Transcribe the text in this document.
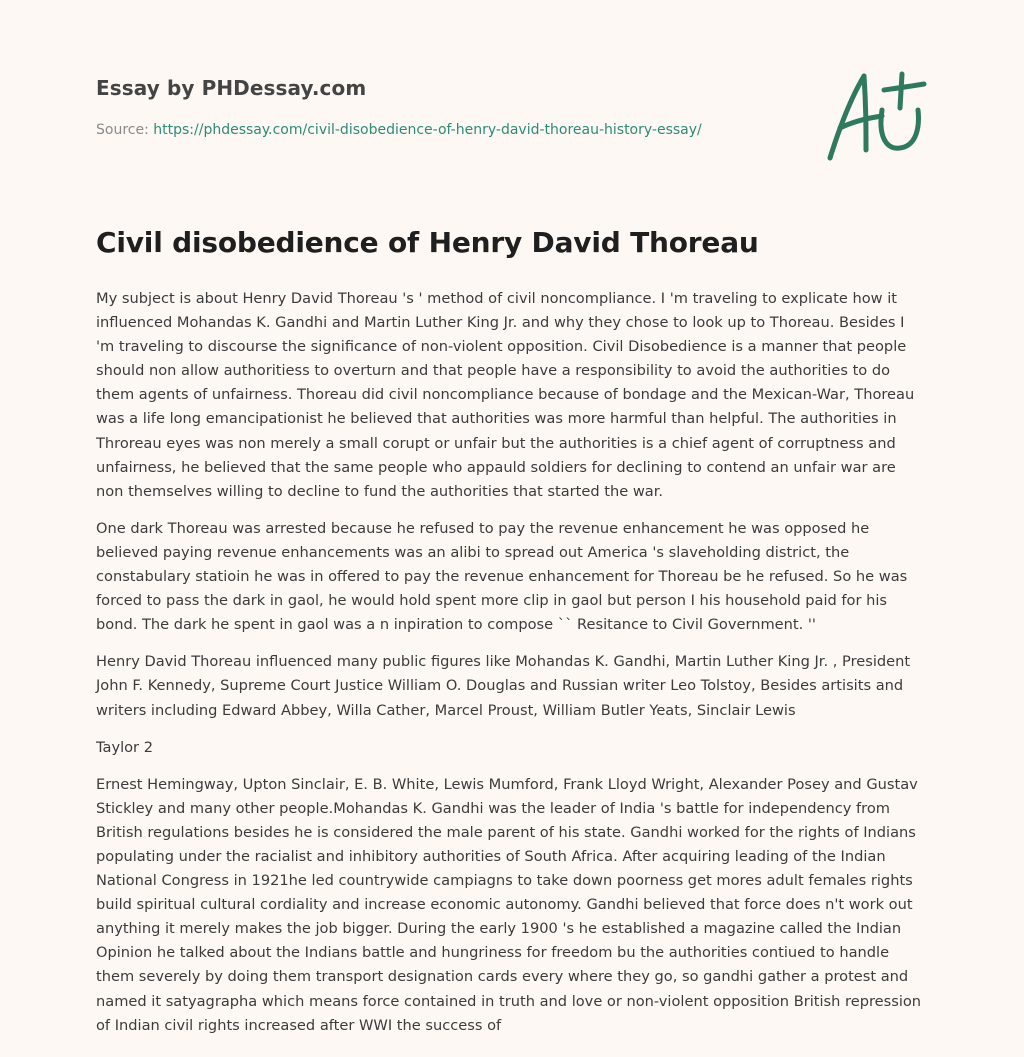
Essay by PHDessay.com
Source: https://phdessay.com/civil-disobedience-of-henry-david-thoreau-history-essay/
Civil disobedience of Henry David Thoreau

My subject is about Henry David Thoreau 's ' method of civil noncompliance. I 'm traveling to explicate how it influenced Mohandas K. Gandhi and Martin Luther King Jr. and why they chose to look up to Thoreau. Besides I 'm traveling to discourse the significance of non-violent opposition. Civil Disobedience is a manner that people should non allow authoritiess to overturn and that people have a responsibility to avoid the authorities to do them agents of unfairness. Thoreau did civil noncompliance because of bondage and the Mexican-War, Thoreau was a life long emancipationist he believed that authorities was more harmful than helpful. The authorities in Throreau eyes was non merely a small corupt or unfair but the authorities is a chief agent of corruptness and unfairness, he believed that the same people who appauld soldiers for declining to contend an unfair war are non themselves willing to decline to fund the authorities that started the war.

One dark Thoreau was arrested because he refused to pay the revenue enhancement he was opposed he believed paying revenue enhancements was an alibi to spread out America 's slaveholding district, the constabulary statioin he was in offered to pay the revenue enhancement for Thoreau be he refused. So he was forced to pass the dark in gaol, he would hold spent more clip in gaol but person I his household paid for his bond. The dark he spent in gaol was a n inpiration to compose `` Resitance to Civil Government. ''

Henry David Thoreau influenced many public figures like Mohandas K. Gandhi, Martin Luther King Jr. , President John F. Kennedy, Supreme Court Justice William O. Douglas and Russian writer Leo Tolstoy, Besides artisits and writers including Edward Abbey, Willa Cather, Marcel Proust, William Butler Yeats, Sinclair Lewis

Taylor 2

Ernest Hemingway, Upton Sinclair, E. B. White, Lewis Mumford, Frank Lloyd Wright, Alexander Posey and Gustav Stickley and many other people.Mohandas K. Gandhi was the leader of India 's battle for independency from British regulations besides he is considered the male parent of his state. Gandhi worked for the rights of Indians populating under the racialist and inhibitory authorities of South Africa. After acquiring leading of the Indian National Congress in 1921he led countrywide campiagns to take down poorness get mores adult females rights build spiritual cultural cordiality and increase economic autonomy. Gandhi believed that force does n't work out anything it merely makes the job bigger. During the early 1900 's he established a magazine called the Indian Opinion he talked about the Indians battle and hungriness for freedom bu the authorities contiued to handle them severely by doing them transport designation cards every where they go, so gandhi gather a protest and named it satyagrapha which means force contained in truth and love or non-violent opposition British repression of Indian civil rights increased after WWI the success of
